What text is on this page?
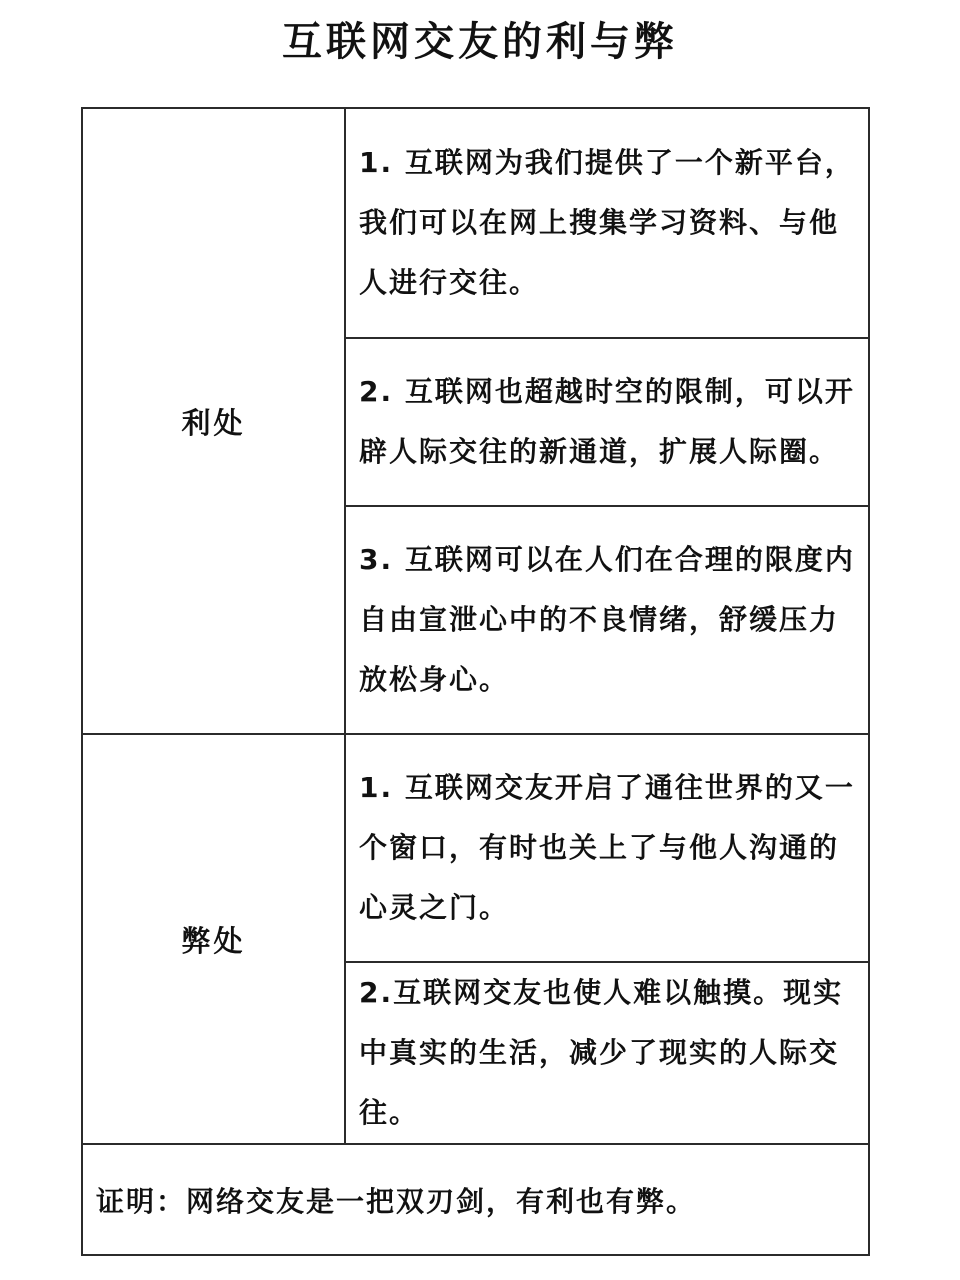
互联网交友的利与弊
利处	1. 互联网为我们提供了一个新平台，我们可以在网上搜集学习资料、与他人进行交往。
	2. 互联网也超越时空的限制，可以开辟人际交往的新通道，扩展人际圈。
	3. 互联网可以在人们在合理的限度内自由宣泄心中的不良情绪，舒缓压力放松身心。
弊处	1. 互联网交友开启了通往世界的又一个窗口，有时也关上了与他人沟通的心灵之门。
	2.互联网交友也使人难以触摸。现实中真实的生活，减少了现实的人际交往。
证明：网络交友是一把双刃剑，有利也有弊。	
